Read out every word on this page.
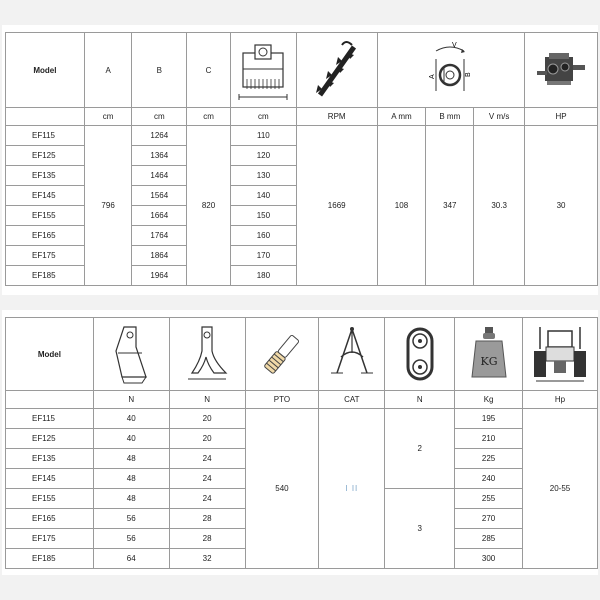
Model	A	B	C			V
A B

	cm	cm	cm	cm	RPM	A mm	B mm	V m/s	HP
EF115	796	1264	820	110	1669	108	347	30.3	30
EF125		1364		120					
EF135		1464		130					
EF145		1564		140					
EF155		1664		150					
EF165		1764		160					
EF175		1864		170					
EF185		1964		180					
Model						KG

	N	N	PTO	CAT	N	Kg	Hp
EF115	40	20	540	I II	2	195	20-55
EF125	40	20				210	
EF135	48	24				225	
EF145	48	24				240	
EF155	48	24			3	255	
EF165	56	28				270	
EF175	56	28				285	
EF185	64	32				300	
